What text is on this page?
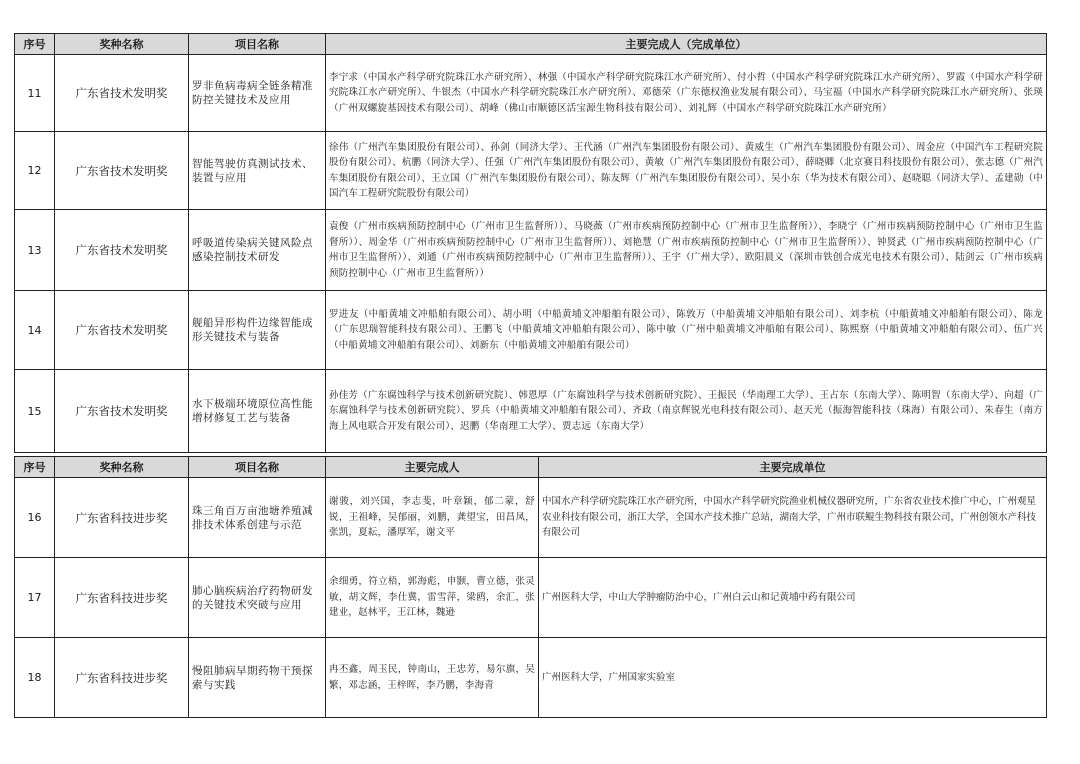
序号	奖种名称	项目名称	主要完成人（完成单位）
11	广东省技术发明奖	罗非鱼病毒病全链条精准防控关键技术及应用	李宁求（中国水产科学研究院珠江水产研究所）、林强（中国水产科学研究院珠江水产研究所）、付小哲（中国水产科学研究院珠江水产研究所）、罗霞（中国水产科学研究院珠江水产研究所）、牛银杰（中国水产科学研究院珠江水产研究所）、邓德荣（广东德权渔业发展有限公司）、马宝福（中国水产科学研究院珠江水产研究所）、张瑛（广州双螺旋基因技术有限公司）、胡峰（佛山市顺德区活宝源生物科技有限公司）、刘礼辉（中国水产科学研究院珠江水产研究所）
12	广东省技术发明奖	智能驾驶仿真测试技术、装置与应用	徐伟（广州汽车集团股份有限公司）、孙剑（同济大学）、王代涵（广州汽车集团股份有限公司）、黄威生（广州汽车集团股份有限公司）、周金应（中国汽车工程研究院股份有限公司）、杭鹏（同济大学）、任强（广州汽车集团股份有限公司）、黄敏（广州汽车集团股份有限公司）、薛晓卿（北京赛目科技股份有限公司）、张志德（广州汽车集团股份有限公司）、王立国（广州汽车集团股份有限公司）、陈友辉（广州汽车集团股份有限公司）、吴小东（华为技术有限公司）、赵晓聪（同济大学）、孟建勋（中国汽车工程研究院股份有限公司）
13	广东省技术发明奖	呼吸道传染病关键风险点感染控制技术研发	袁俊（广州市疾病预防控制中心（广州市卫生监督所））、马晓薇（广州市疾病预防控制中心（广州市卫生监督所））、李晓宁（广州市疾病预防控制中心（广州市卫生监督所））、周金华（广州市疾病预防控制中心（广州市卫生监督所））、刘艳慧（广州市疾病预防控制中心（广州市卫生监督所））、钟贤武（广州市疾病预防控制中心（广州市卫生监督所））、刘通（广州市疾病预防控制中心（广州市卫生监督所））、王宇（广州大学）、欧阳晨义（深圳市铁创合成光电技术有限公司）、陆剑云（广州市疾病预防控制中心（广州市卫生监督所））
14	广东省技术发明奖	舰船异形构件边缘智能成形关键技术与装备	罗进友（中船黄埔文冲船舶有限公司）、胡小明（中船黄埔文冲船舶有限公司）、陈敦万（中船黄埔文冲船舶有限公司）、刘李杭（中船黄埔文冲船舶有限公司）、陈龙（广东思瑞智能科技有限公司）、王鹏飞（中船黄埔文冲船舶有限公司）、陈中敏（广州中船黄埔文冲船舶有限公司）、陈熙察（中船黄埔文冲船舶有限公司）、伍广兴（中船黄埔文冲船舶有限公司）、刘新东（中船黄埔文冲船舶有限公司）
15	广东省技术发明奖	水下极端环境原位高性能增材修复工艺与装备	孙佳芳（广东腐蚀科学与技术创新研究院）、韩恩厚（广东腐蚀科学与技术创新研究院）、王振民（华南理工大学）、王占东（东南大学）、陈明智（东南大学）、向超（广东腐蚀科学与技术创新研究院）、罗兵（中船黄埔文冲船舶有限公司）、齐政（南京辉锐光电科技有限公司）、赵天光（振海智能科技（珠海）有限公司）、朱春生（南方海上风电联合开发有限公司）、迟鹏（华南理工大学）、贾志远（东南大学）
序号	奖种名称	项目名称	主要完成人	主要完成单位
16	广东省科技进步奖	珠三角百万亩池塘养殖减排技术体系创建与示范	谢骏，刘兴国，李志斐，叶章颖，郁二蒙，舒锐，王祖峰，吴郁丽，刘鹏，龚望宝，田昌凤，张凯，夏耘，潘厚军，谢文平	中国水产科学研究院珠江水产研究所，中国水产科学研究院渔业机械仪器研究所，广东省农业技术推广中心，广州观星农业科技有限公司，浙江大学，全国水产技术推广总站，湖南大学，广州市联鲲生物科技有限公司，广州创领水产科技有限公司
17	广东省科技进步奖	肺心脑疾病治疗药物研发的关键技术突破与应用	余细勇，符立梧，郭海彪，申颢，曹立德，张灵敏，胡文辉，李仕冀，雷雪萍，梁鸥，余汇，张建业，赵林平，王江林，魏逊	广州医科大学，中山大学肿瘤防治中心，广州白云山和记黄埔中药有限公司
18	广东省科技进步奖	慢阻肺病早期药物干预探索与实践	冉丕鑫，周玉民，钟南山，王忠芳，易尔旗，吴繁，邓志涵，王梓晖，李乃鹏，李海青	广州医科大学，广州国家实验室
